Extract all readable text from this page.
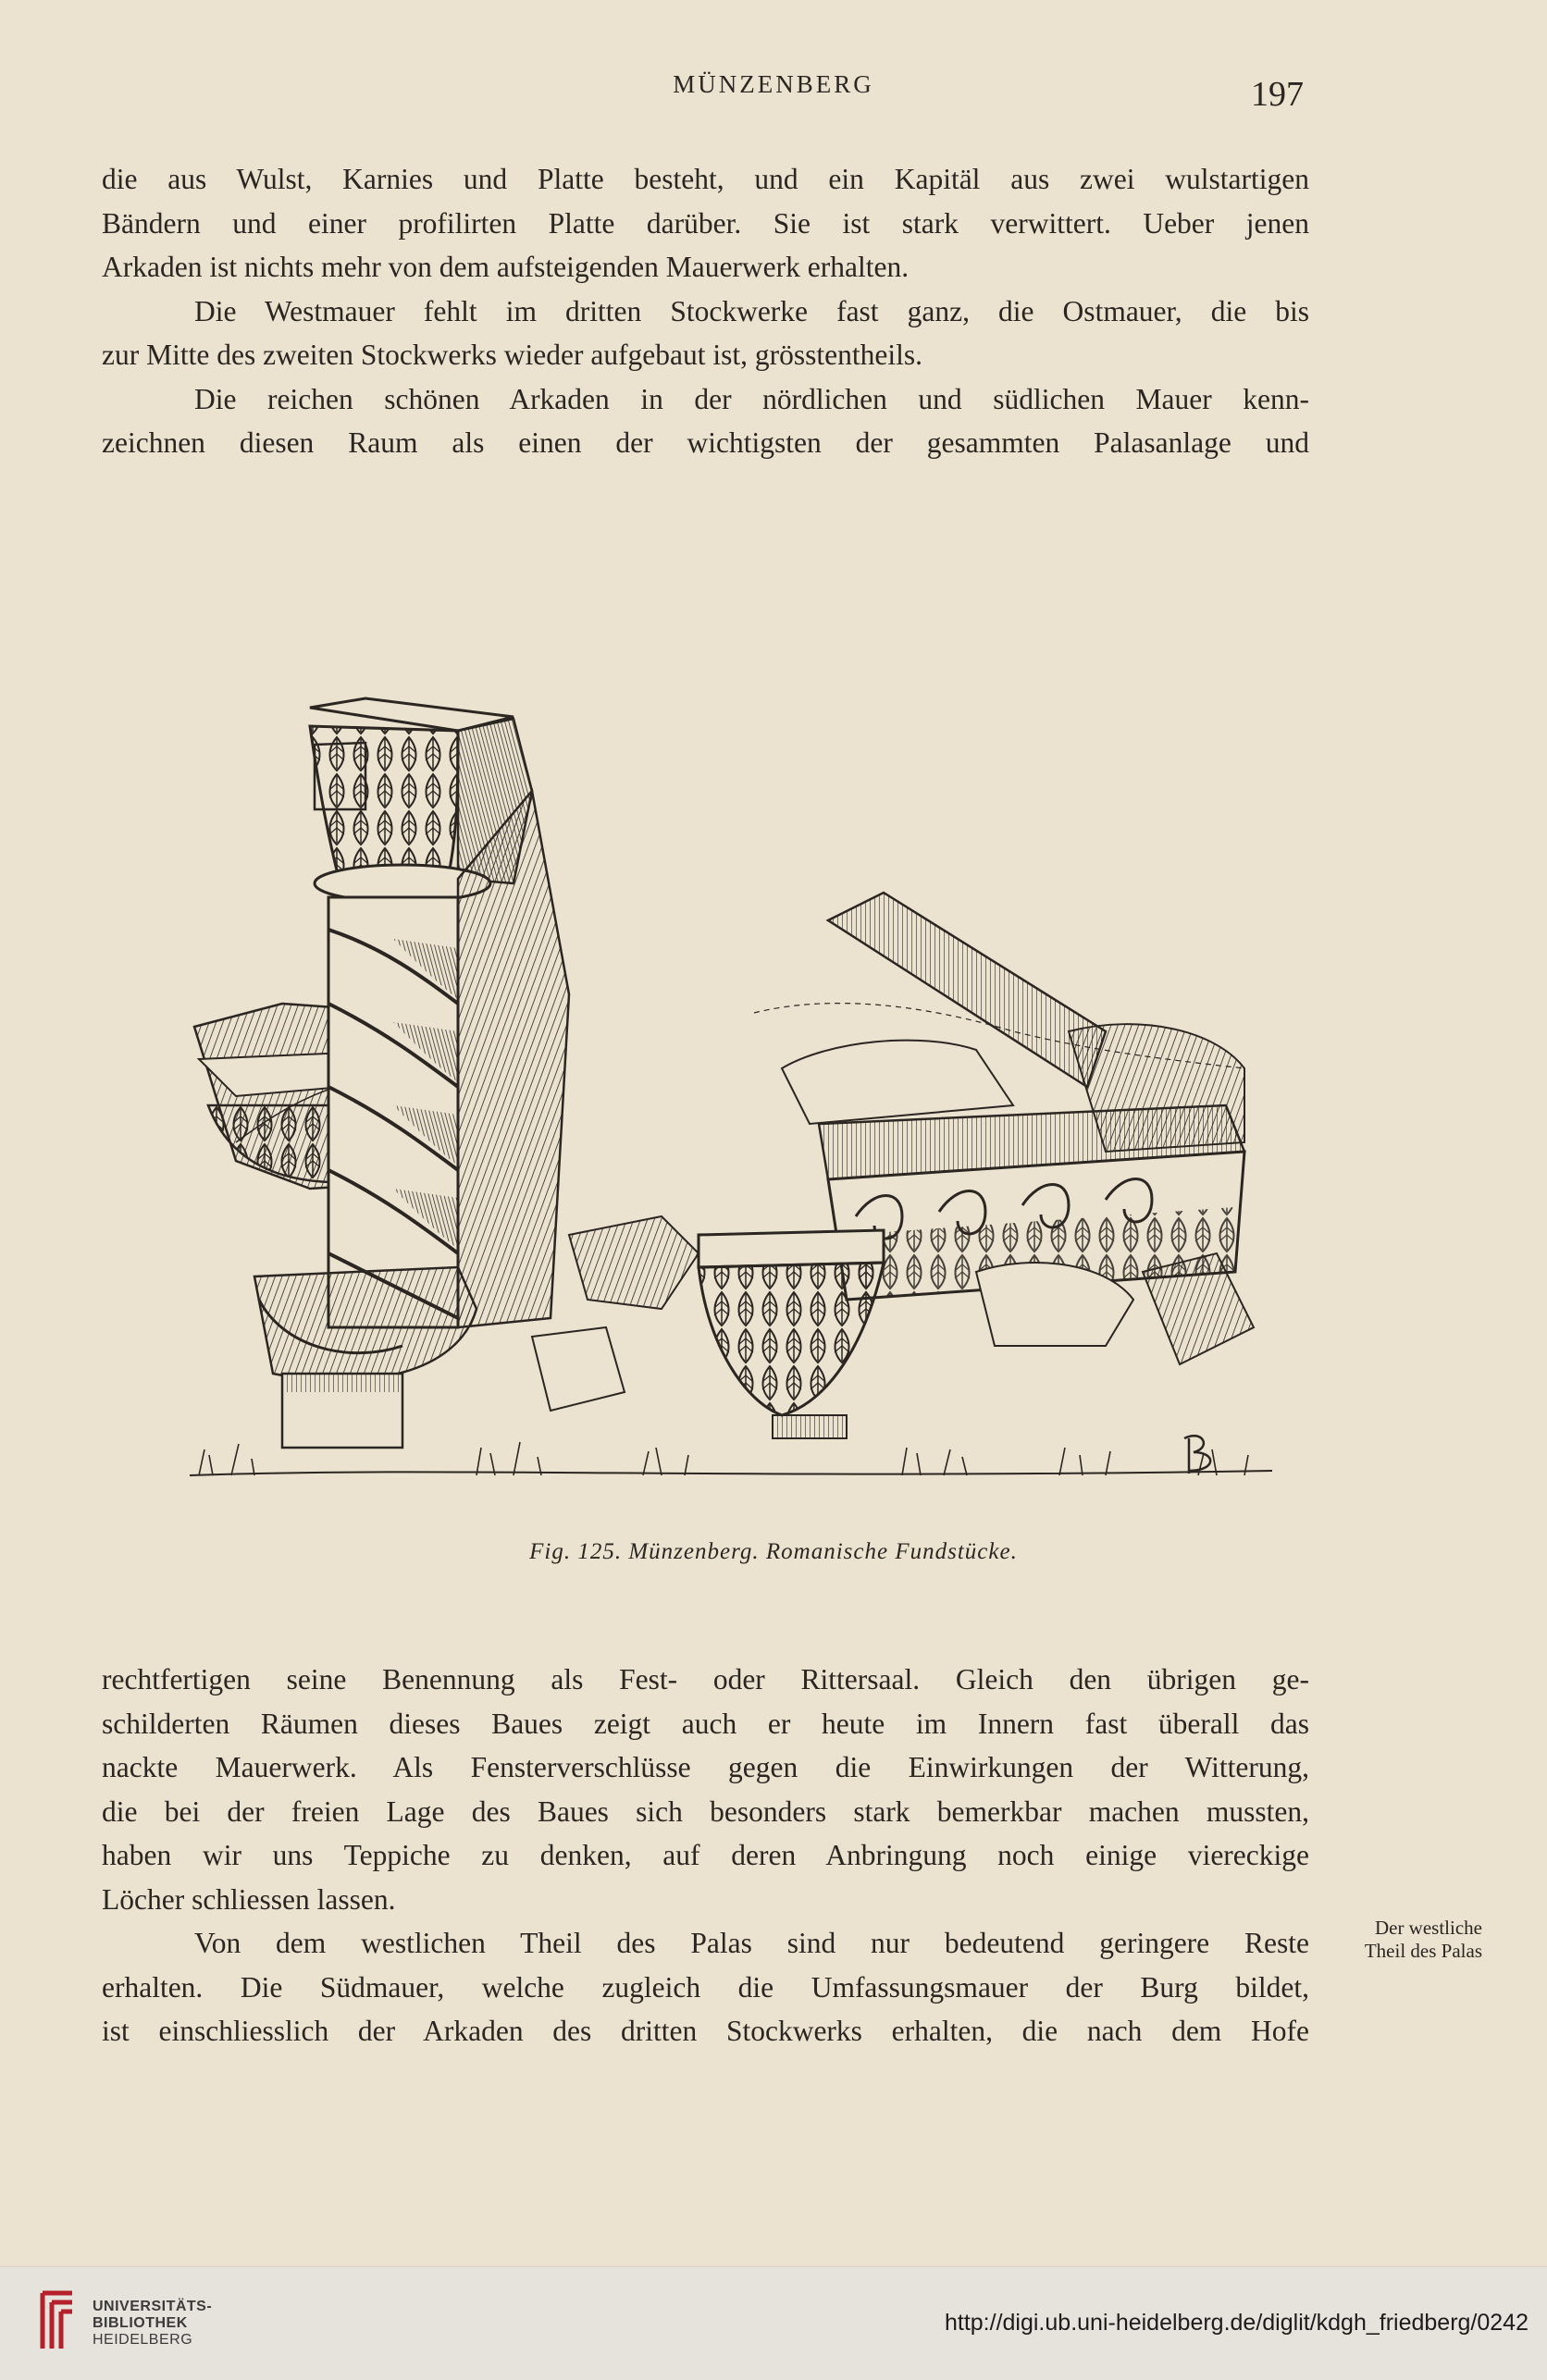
MÜNZENBERG	197
die aus Wulst, Karnies und Platte besteht, und ein Kapitäl aus zwei wulstartigen
Bändern und einer profilirten Platte darüber. Sie ist stark verwittert. Ueber jenen
Arkaden ist nichts mehr von dem aufsteigenden Mauerwerk erhalten.
Die Westmauer fehlt im dritten Stockwerke fast ganz, die Ostmauer, die bis
zur Mitte des zweiten Stockwerks wieder aufgebaut ist, grösstentheils.
Die reichen schönen Arkaden in der nördlichen und südlichen Mauer kenn-
zeichnen diesen Raum als einen der wichtigsten der gesammten Palasanlage und
Fig. 125. Münzenberg. Romanische Fundstücke.
rechtfertigen seine Benennung als Fest- oder Rittersaal. Gleich den übrigen ge-
schilderten Räumen dieses Baues zeigt auch er heute im Innern fast überall das
nackte Mauerwerk. Als Fensterverschlüsse gegen die Einwirkungen der Witterung,
die bei der freien Lage des Baues sich besonders stark bemerkbar machen mussten,
haben wir uns Teppiche zu denken, auf deren Anbringung noch einige viereckige
Löcher schliessen lassen.
Von dem westlichen Theil des Palas sind nur bedeutend geringere Reste
erhalten. Die Südmauer, welche zugleich die Umfassungsmauer der Burg bildet,
ist einschliesslich der Arkaden des dritten Stockwerks erhalten, die nach dem Hofe
Der westliche
Theil des Palas
UNIVERSITÄTS-
BIBLIOTHEK
HEIDELBERG
http://digi.ub.uni-heidelberg.de/diglit/kdgh_friedberg/0242
